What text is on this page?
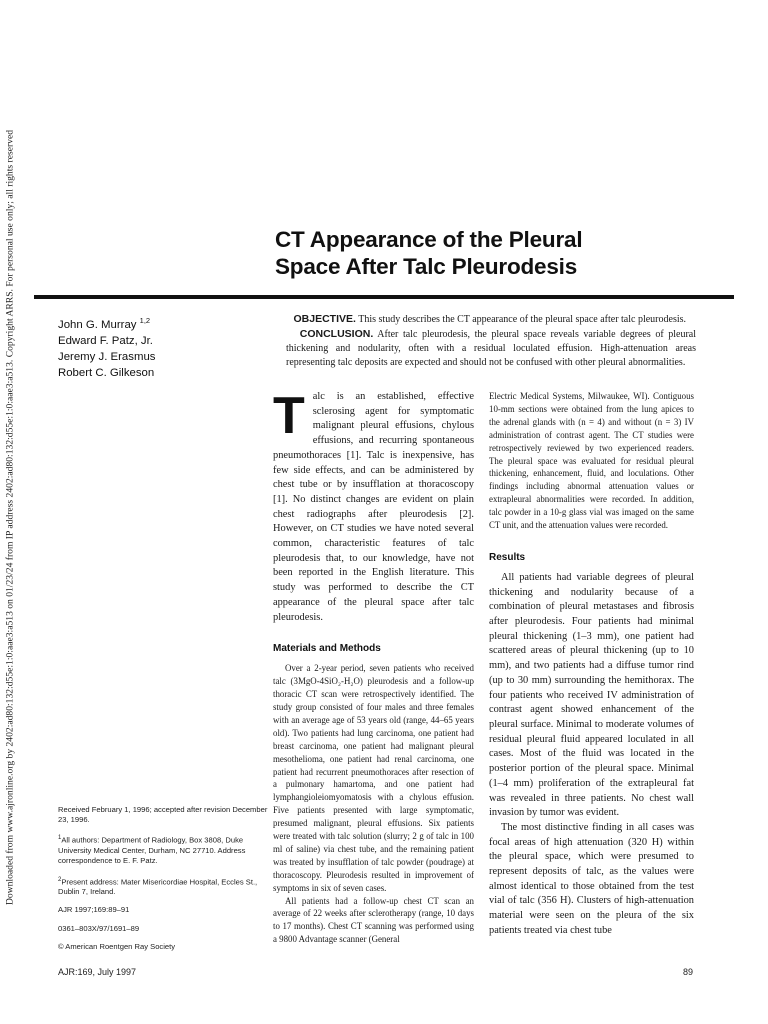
Downloaded from www.ajronline.org by 2402:ad80:132:d55e:1:0:aae3:a513 on 01/23/24 from IP address 2402:ad80:132:d55e:1:0:aae3:a513. Copyright ARRS. For personal use only; all rights reserved	CT Appearance of the Pleural
Space After Talc Pleurodesis
John G. Murray $^{1,2}$
Edward F. Patz, Jr.
Jeremy J. Erasmus
Robert C. Gilkeson

OBJECTIVE. This study describes the CT appearance of the pleural space after talc pleurodesis.

CONCLUSION. After talc pleurodesis, the pleural space reveals variable degrees of pleural thickening and nodularity, often with a residual loculated effusion. High-attenuation areas representing talc deposits are expected and should not be confused with other pleural abnormalities.

Talc is an established, effective sclerosing agent for symptomatic malignant pleural effusions, chylous effusions, and recurring spontaneous pneumothoraces [1]. Talc is inexpensive, has few side effects, and can be administered by chest tube or by insufflation at thoracoscopy [1]. No distinct changes are evident on plain chest radiographs after pleurodesis [2]. However, on CT studies we have noted several common, characteristic features of talc pleurodesis that, to our knowledge, have not been reported in the English literature. This study was performed to describe the CT appearance of the pleural space after talc pleurodesis.

Materials and Methods

Over a 2-year period, seven patients who received talc (3MgO-4SiO₂-H₂O) pleurodesis and a follow-up thoracic CT scan were retrospectively identified. The study group consisted of four males and three females with an average age of 53 years old (range, 44–65 years old). Two patients had lung carcinoma, one patient had breast carcinoma, one patient had malignant pleural mesothelioma, one patient had renal carcinoma, one patient had recurrent pneumothoraces after resection of a pulmonary hamartoma, and one patient had lymphangioleiomyomatosis with a chylous effusion. Five patients presented with large symptomatic, presumed malignant, pleural effusions. Six patients were treated with talc solution (slurry; 2 g of talc in 100 ml of saline) via chest tube, and the remaining patient was treated by insufflation of talc powder (poudrage) at thoracoscopy. Pleurodesis resulted in improvement of symptoms in six of seven cases.

All patients had a follow-up chest CT scan an average of 22 weeks after sclerotherapy (range, 10 days to 17 months). Chest CT scanning was performed using a 9800 Advantage scanner (General

Electric Medical Systems, Milwaukee, WI). Contiguous 10-mm sections were obtained from the lung apices to the adrenal glands with (n = 4) and without (n = 3) IV administration of contrast agent. The CT studies were retrospectively reviewed by two experienced readers. The pleural space was evaluated for residual pleural thickening, enhancement, fluid, and loculations. Other findings including abnormal attenuation values or extrapleural abnormalities were recorded. In addition, talc powder in a 10-g glass vial was imaged on the same CT unit, and the attenuation values were recorded.

Results

All patients had variable degrees of pleural thickening and nodularity because of a combination of pleural metastases and fibrosis after pleurodesis. Four patients had minimal pleural thickening (1–3 mm), one patient had scattered areas of pleural thickening (up to 10 mm), and two patients had a diffuse tumor rind (up to 30 mm) surrounding the hemithorax. The four patients who received IV administration of contrast agent showed enhancement of the pleural surface. Minimal to moderate volumes of residual pleural fluid appeared loculated in all cases. Most of the fluid was located in the posterior portion of the pleural space. Minimal (1–4 mm) proliferation of the extrapleural fat was revealed in three patients. No chest wall invasion by tumor was evident.

The most distinctive finding in all cases was focal areas of high attenuation (320 H) within the pleural space, which were presumed to represent deposits of talc, as the values were almost identical to those obtained from the test vial of talc (356 H). Clusters of high-attenuation material were seen on the pleura of the six patients treated via chest tube

Received February 1, 1996; accepted after revision December 23, 1996.

$^1$All authors: Department of Radiology, Box 3808, Duke University Medical Center, Durham, NC 27710. Address correspondence to E. F. Patz.

$^2$Present address: Mater Misericordiae Hospital, Eccles St., Dublin 7, Ireland.

AJR 1997;169:89–91

0361–803X/97/1691–89

© American Roentgen Ray Society

AJR:169, July 1997	89
